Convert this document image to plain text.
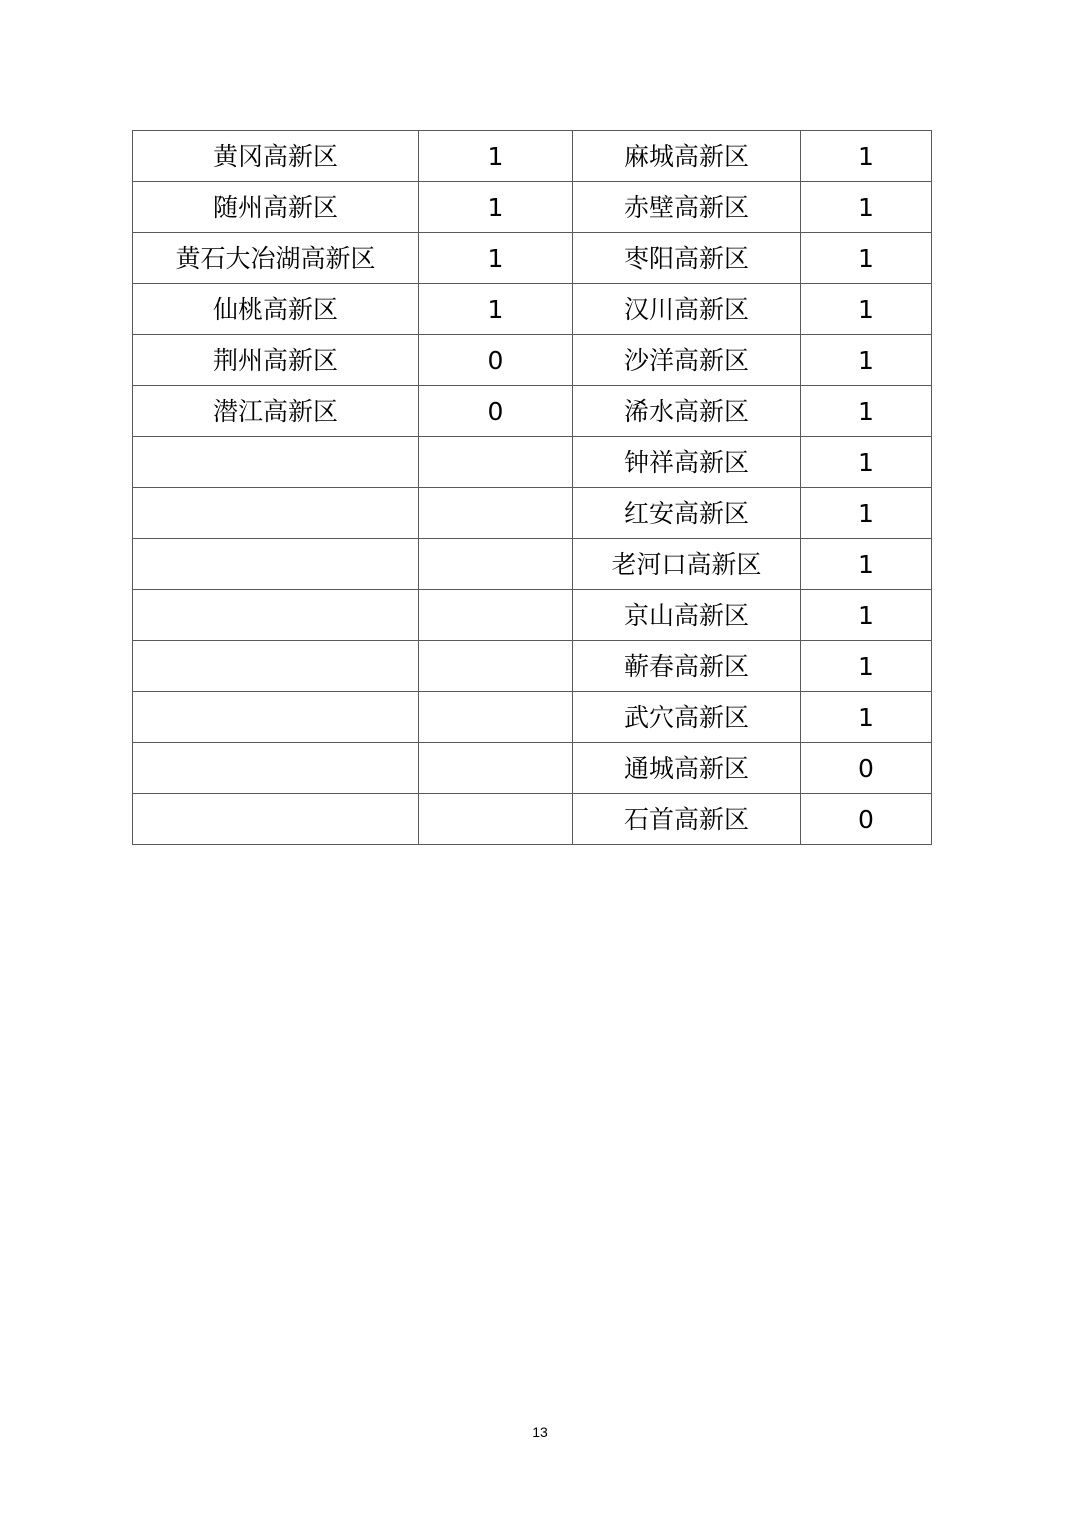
黄冈高新区	1	麻城高新区	1
随州高新区	1	赤壁高新区	1
黄石大冶湖高新区	1	枣阳高新区	1
仙桃高新区	1	汉川高新区	1
荆州高新区	0	沙洋高新区	1
潜江高新区	0	浠水高新区	1
		钟祥高新区	1
		红安高新区	1
		老河口高新区	1
		京山高新区	1
		蕲春高新区	1
		武穴高新区	1
		通城高新区	0
		石首高新区	0
13
